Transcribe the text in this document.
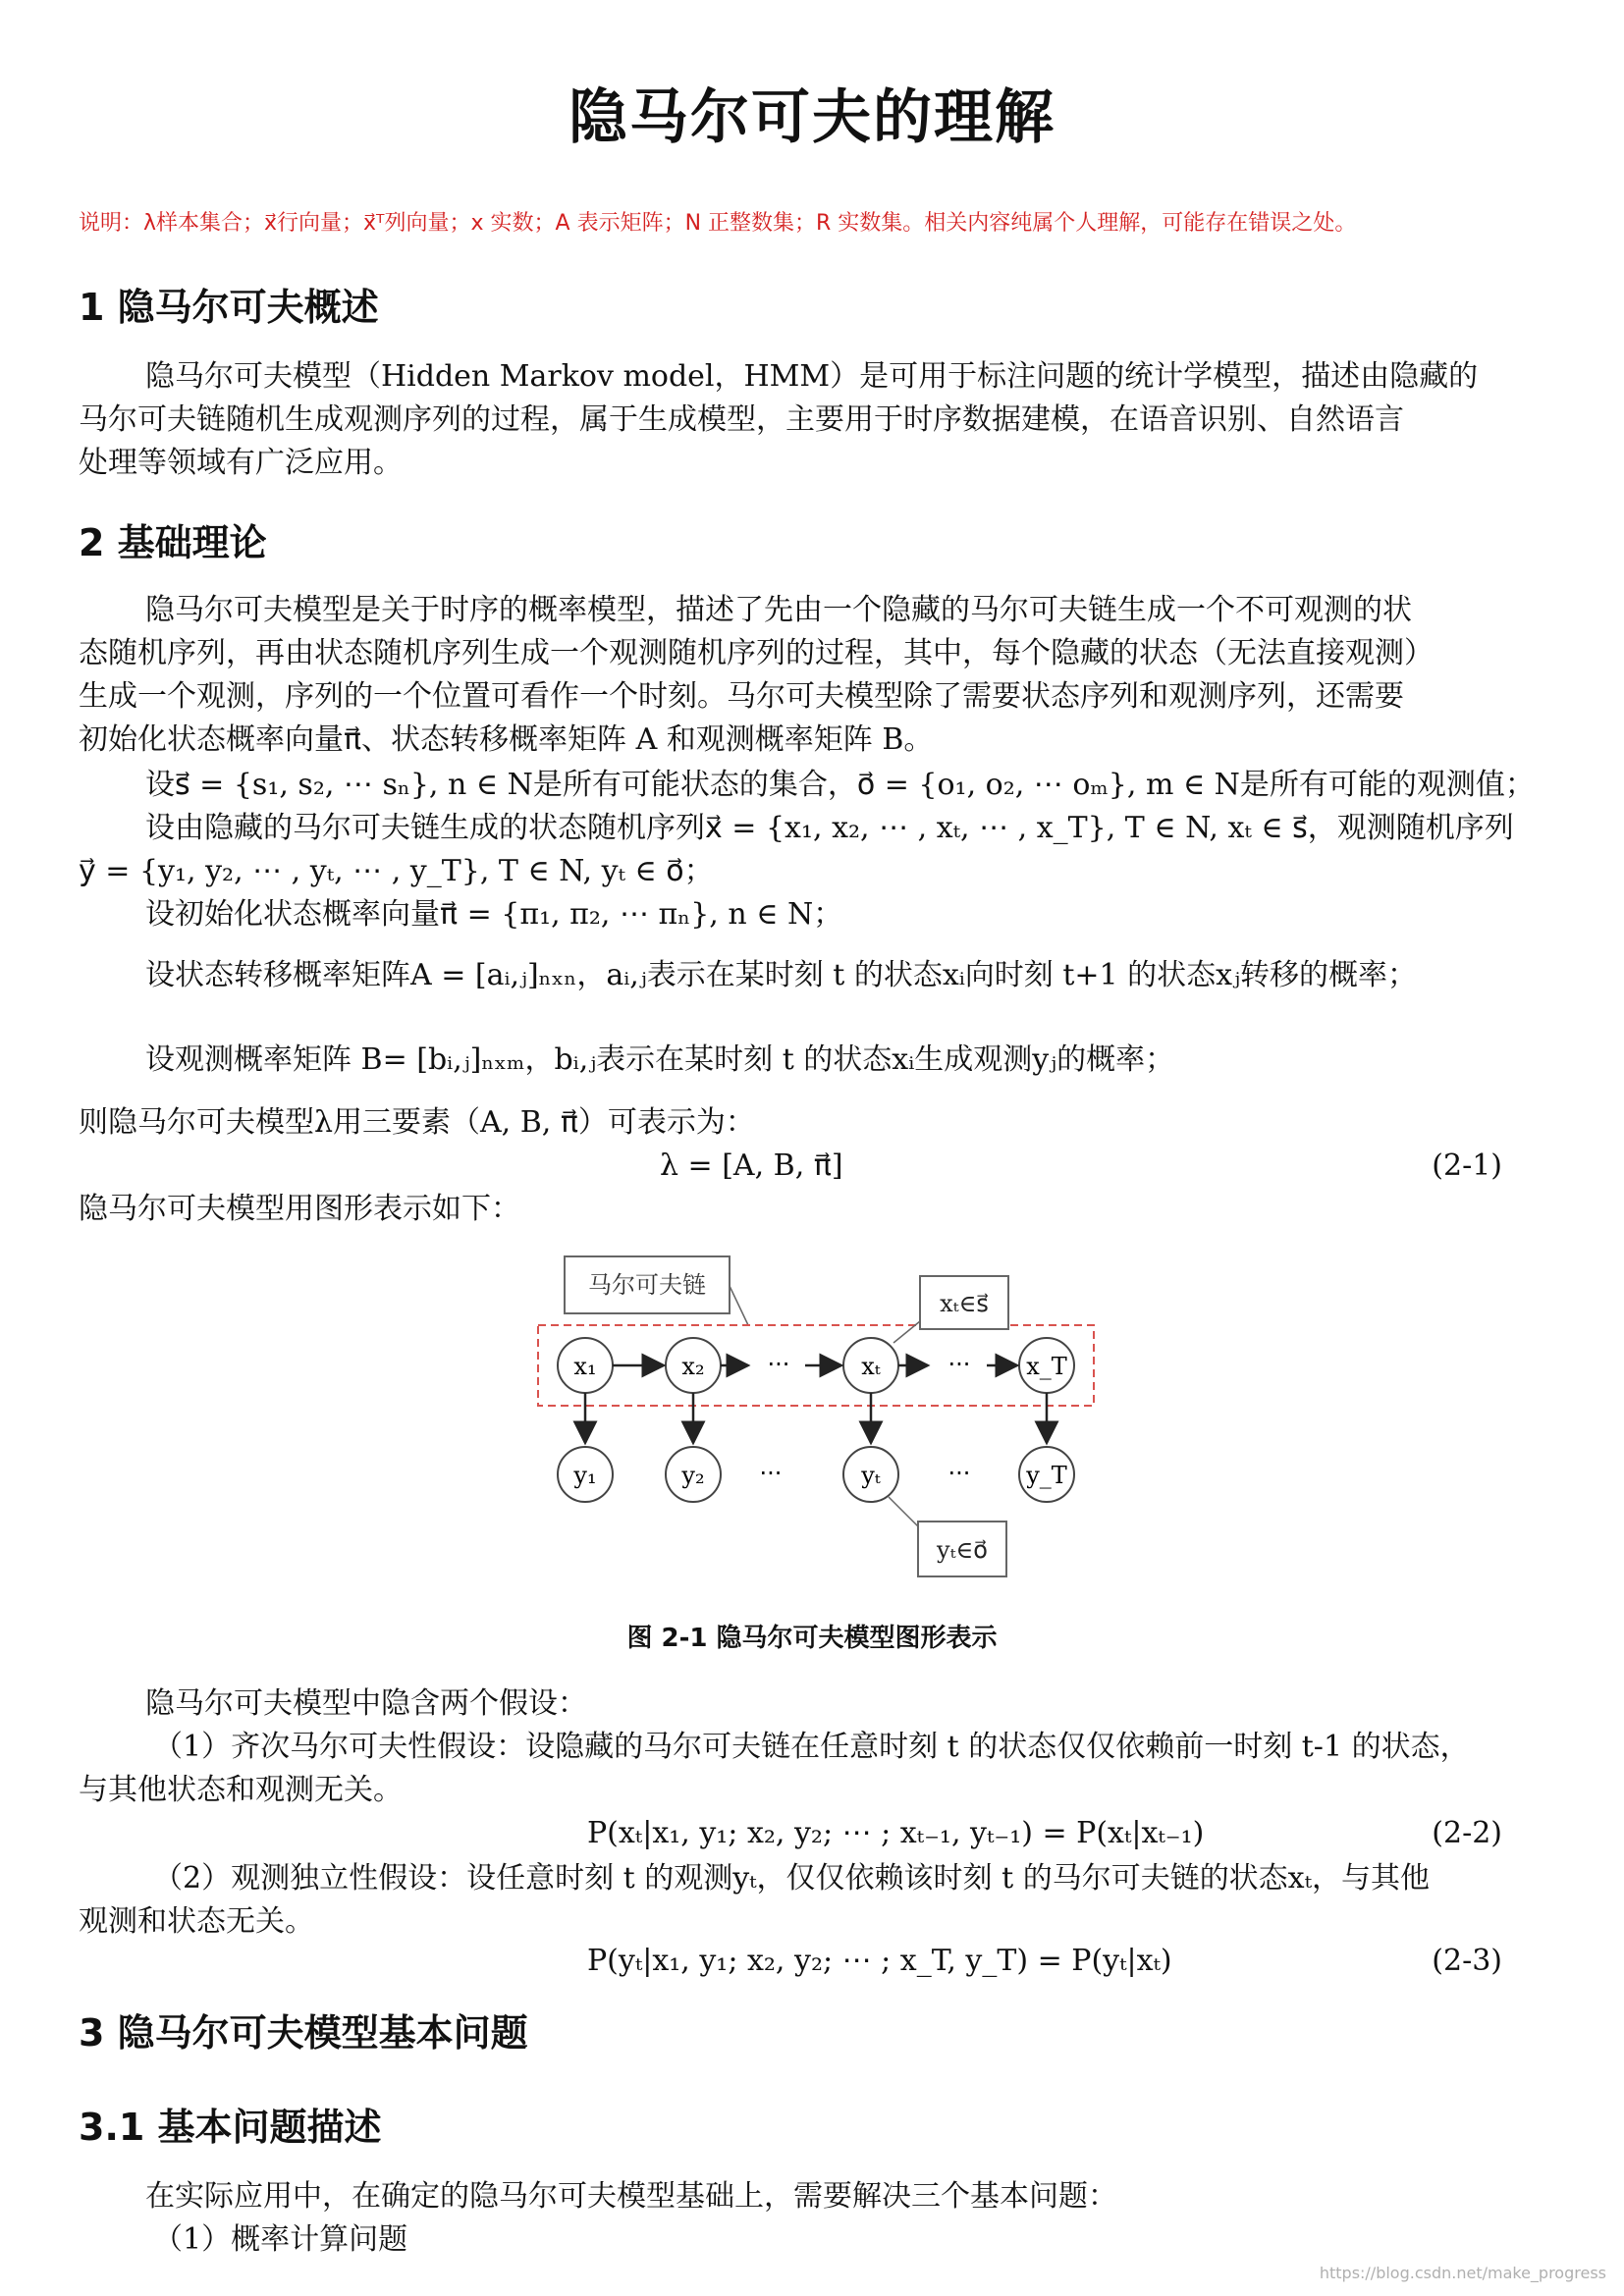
隐马尔可夫的理解
说明：λ样本集合；x⃗行向量；x⃗ᵀ列向量；x 实数；A 表示矩阵；N 正整数集；R 实数集。相关内容纯属个人理解，可能存在错误之处。
1 隐马尔可夫概述
隐马尔可夫模型（Hidden Markov model，HMM）是可用于标注问题的统计学模型，描述由隐藏的
马尔可夫链随机生成观测序列的过程，属于生成模型，主要用于时序数据建模，在语音识别、自然语言
处理等领域有广泛应用。
2 基础理论
隐马尔可夫模型是关于时序的概率模型，描述了先由一个隐藏的马尔可夫链生成一个不可观测的状
态随机序列，再由状态随机序列生成一个观测随机序列的过程，其中，每个隐藏的状态（无法直接观测）
生成一个观测，序列的一个位置可看作一个时刻。马尔可夫模型除了需要状态序列和观测序列，还需要
初始化状态概率向量π⃗、状态转移概率矩阵 A 和观测概率矩阵 B。
设s⃗ = {s₁, s₂, ⋯ sₙ}, n ∈ N是所有可能状态的集合，o⃗ = {o₁, o₂, ⋯ oₘ}, m ∈ N是所有可能的观测值；
设由隐藏的马尔可夫链生成的状态随机序列x⃗ = {x₁, x₂, ⋯ , xₜ, ⋯ , x_T}, T ∈ N, xₜ ∈ s⃗，观测随机序列
y⃗ = {y₁, y₂, ⋯ , yₜ, ⋯ , y_T}, T ∈ N, yₜ ∈ o⃗；
设初始化状态概率向量π⃗ = {π₁, π₂, ⋯ πₙ}, n ∈ N；
设状态转移概率矩阵A = [aᵢ,ⱼ]ₙₓₙ，aᵢ,ⱼ表示在某时刻 t 的状态xᵢ向时刻 t+1 的状态xⱼ转移的概率；
设观测概率矩阵 B= [bᵢ,ⱼ]ₙₓₘ，bᵢ,ⱼ表示在某时刻 t 的状态xᵢ生成观测yⱼ的概率；
则隐马尔可夫模型λ用三要素（A, B, π⃗）可表示为：
λ = [A, B, π⃗]	(2-1)
隐马尔可夫模型用图形表示如下：
马尔可夫链
xₜ∈s⃗
x₁	x₂	xₜ	x_T
···	···
y₁	y₂	yₜ	y_T
···	···
yₜ∈o⃗
图 2-1 隐马尔可夫模型图形表示
隐马尔可夫模型中隐含两个假设：
（1）齐次马尔可夫性假设：设隐藏的马尔可夫链在任意时刻 t 的状态仅仅依赖前一时刻 t-1 的状态，
与其他状态和观测无关。
P(xₜ|x₁, y₁; x₂, y₂; ⋯ ; xₜ₋₁, yₜ₋₁) = P(xₜ|xₜ₋₁)	(2-2)
（2）观测独立性假设：设任意时刻 t 的观测yₜ，仅仅依赖该时刻 t 的马尔可夫链的状态xₜ，与其他
观测和状态无关。
P(yₜ|x₁, y₁; x₂, y₂; ⋯ ; x_T, y_T) = P(yₜ|xₜ)	(2-3)
3 隐马尔可夫模型基本问题
3.1 基本问题描述
在实际应用中，在确定的隐马尔可夫模型基础上，需要解决三个基本问题：
（1）概率计算问题
https://blog.csdn.net/make_progress
